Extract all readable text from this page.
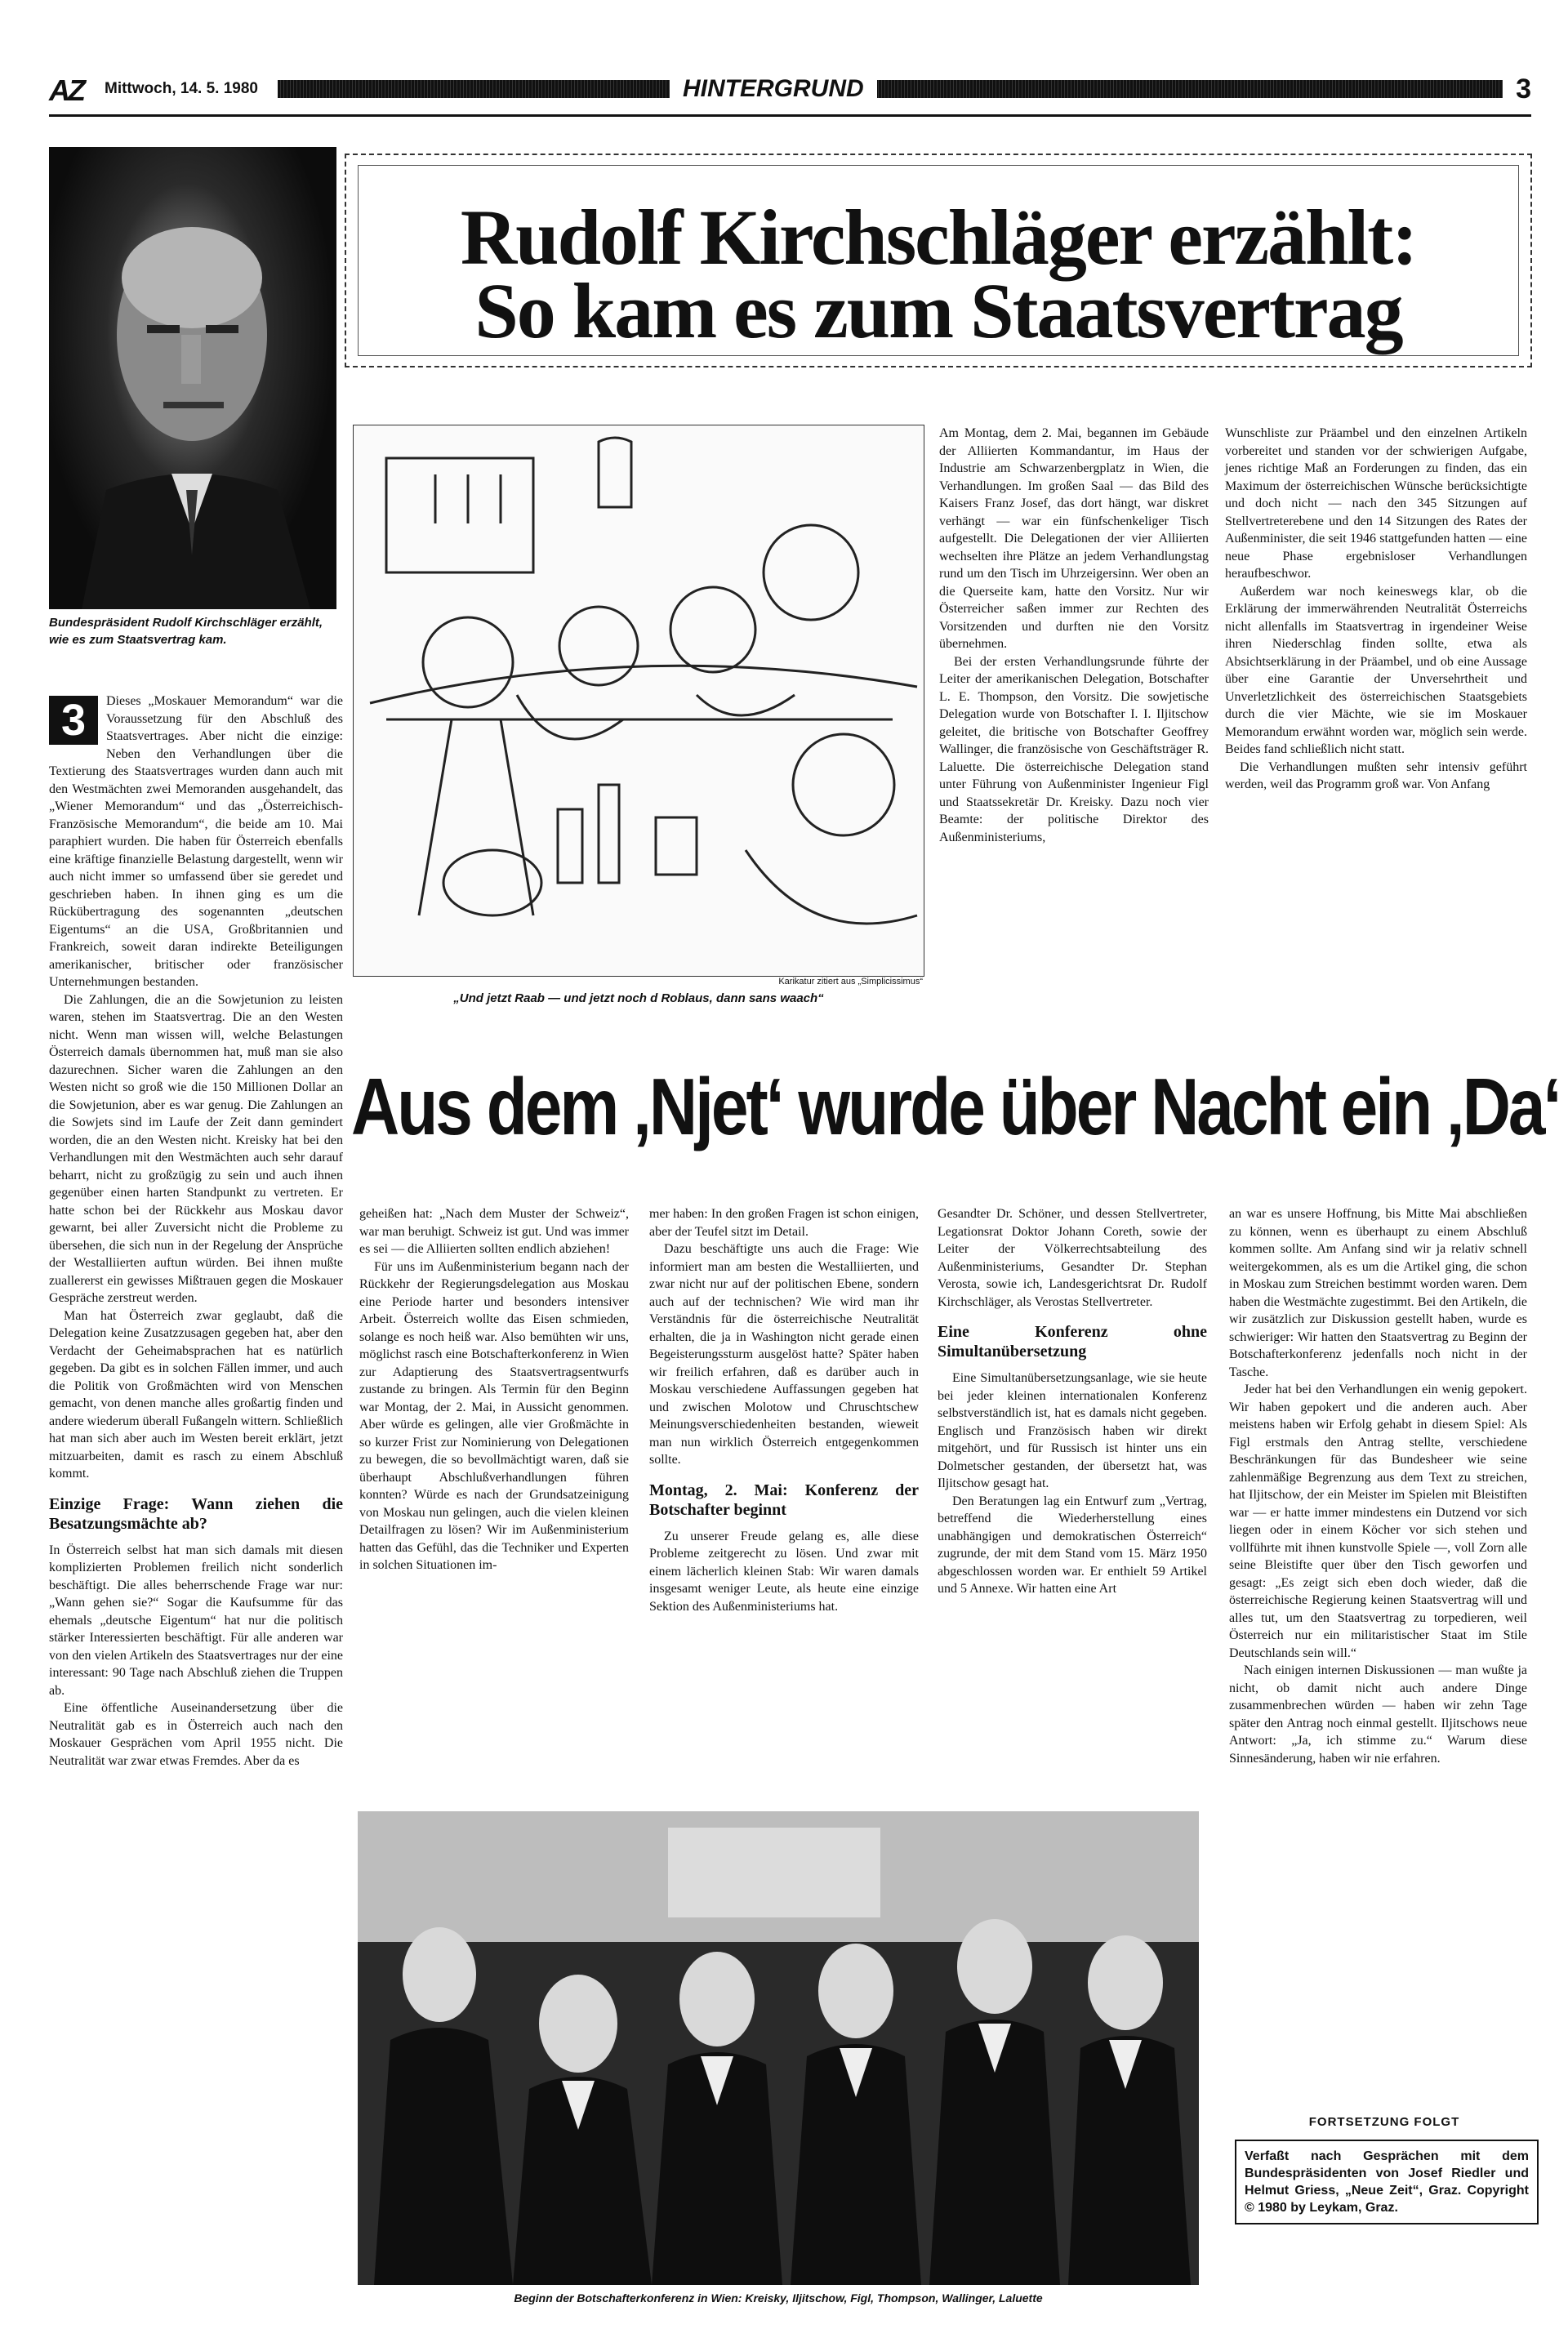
AZ Mittwoch, 14. 5. 1980	HINTERGRUND	3
Bundespräsident Rudolf Kirchschläger erzählt, wie es zum Staatsvertrag kam.
Rudolf Kirchschläger erzählt:
So kam es zum Staatsvertrag
Karikatur zitiert aus „Simplicissimus“
„Und jetzt Raab — und jetzt noch d Roblaus, dann sans waach“

Am Montag, dem 2. Mai, begannen im Gebäude der Alliierten Kommandantur, im Haus der Industrie am Schwarzenbergplatz in Wien, die Verhandlungen. Im großen Saal — das Bild des Kaisers Franz Josef, das dort hängt, war diskret verhängt — war ein fünfschenkeliger Tisch aufgestellt. Die Delegationen der vier Alliierten wechselten ihre Plätze an jedem Verhandlungstag rund um den Tisch im Uhrzeigersinn. Wer oben an die Querseite kam, hatte den Vorsitz. Nur wir Österreicher saßen immer zur Rechten des Vorsitzenden und durften nie den Vorsitz übernehmen.

Bei der ersten Verhandlungsrunde führte der Leiter der amerikanischen Delegation, Botschafter L. E. Thompson, den Vorsitz. Die sowjetische Delegation wurde von Botschafter I. I. Iljitschow geleitet, die britische von Botschafter Geoffrey Wallinger, die französische von Geschäftsträger R. Laluette. Die österreichische Delegation stand unter Führung von Außenminister Ingenieur Figl und Staatssekretär Dr. Kreisky. Dazu noch vier Beamte: der politische Direktor des Außenministeriums,

Wunschliste zur Präambel und den einzelnen Artikeln vorbereitet und standen vor der schwierigen Aufgabe, jenes richtige Maß an Forderungen zu finden, das ein Maximum der österreichischen Wünsche berücksichtigte und doch nicht — nach den 345 Sitzungen auf Stellvertreterebene und den 14 Sitzungen des Rates der Außenminister, die seit 1946 stattgefunden hatten — eine neue Phase ergebnisloser Verhandlungen heraufbeschwor.

Außerdem war noch keineswegs klar, ob die Erklärung der immerwährenden Neutralität Österreichs nicht allenfalls im Staatsvertrag in irgendeiner Weise ihren Niederschlag finden sollte, etwa als Absichtserklärung in der Präambel, und ob eine Aussage über eine Garantie der Unversehrtheit und Unverletzlichkeit des österreichischen Staatsgebiets durch die vier Mächte, wie sie im Moskauer Memorandum erwähnt worden war, möglich sein werde. Beides fand schließlich nicht statt.

Die Verhandlungen mußten sehr intensiv geführt werden, weil das Programm groß war. Von Anfang

Aus dem ‚Njet‘ wurde über Nacht ein ‚Da‘
3	Dieses „Moskauer Memorandum“ war die Voraussetzung für den Abschluß des Staatsvertrages. Aber nicht die einzige: Neben den Verhandlungen über die Textierung des Staatsvertrages wurden dann auch mit den Westmächten zwei Memoranden ausgehandelt, das „Wiener Memorandum“ und das „Österreichisch-Französische Memorandum“, die beide am 10. Mai paraphiert wurden. Die haben für Österreich ebenfalls eine kräftige finanzielle Belastung dargestellt, wenn wir auch nicht immer so umfassend über sie geredet und geschrieben haben. In ihnen ging es um die Rückübertragung des sogenannten „deutschen Eigentums“ an die USA, Großbritannien und Frankreich, soweit daran indirekte Beteiligungen amerikanischer, britischer oder französischer Unternehmungen bestanden.

Die Zahlungen, die an die Sowjetunion zu leisten waren, stehen im Staatsvertrag. Die an den Westen nicht. Wenn man wissen will, welche Belastungen Österreich damals übernommen hat, muß man sie also dazurechnen. Sicher waren die Zahlungen an den Westen nicht so groß wie die 150 Millionen Dollar an die Sowjetunion, aber es war genug. Die Zahlungen an die Sowjets sind im Laufe der Zeit dann gemindert worden, die an den Westen nicht. Kreisky hat bei den Verhandlungen mit den Westmächten auch sehr darauf beharrt, nicht zu großzügig zu sein und auch ihnen gegenüber einen harten Standpunkt zu vertreten. Er hatte schon bei der Rückkehr aus Moskau davor gewarnt, bei aller Zuversicht nicht die Probleme zu übersehen, die sich nun in der Regelung der Ansprüche der Westalliierten auftun würden. Bei ihnen mußte zuallererst ein gewisses Mißtrauen gegen die Moskauer Gespräche zerstreut werden.

Man hat Österreich zwar geglaubt, daß die Delegation keine Zusatzzusagen gegeben hat, aber den Verdacht der Geheimabsprachen hat es natürlich gegeben. Da gibt es in solchen Fällen immer, und auch die Politik von Großmächten wird von Menschen gemacht, von denen manche alles großartig finden und andere wiederum überall Fußangeln wittern. Schließlich hat man sich aber auch im Westen bereit erklärt, jetzt mitzuarbeiten, damit es rasch zu einem Abschluß kommt.

Einzige Frage: Wann ziehen die Besatzungsmächte ab?

In Österreich selbst hat man sich damals mit diesen komplizierten Problemen freilich nicht sonderlich beschäftigt. Die alles beherrschende Frage war nur: „Wann gehen sie?“ Sogar die Kaufsumme für das ehemals „deutsche Eigentum“ hat nur die politisch stärker Interessierten beschäftigt. Für alle anderen war von den vielen Artikeln des Staatsvertrages nur der eine interessant: 90 Tage nach Abschluß ziehen die Truppen ab.

Eine öffentliche Auseinandersetzung über die Neutralität gab es in Österreich auch nach den Moskauer Gesprächen vom April 1955 nicht. Die Neutralität war zwar etwas Fremdes. Aber da es

geheißen hat: „Nach dem Muster der Schweiz“, war man beruhigt. Schweiz ist gut. Und was immer es sei — die Alliierten sollten endlich abziehen!

Für uns im Außenministerium begann nach der Rückkehr der Regierungsdelegation aus Moskau eine Periode harter und besonders intensiver Arbeit. Österreich wollte das Eisen schmieden, solange es noch heiß war. Also bemühten wir uns, möglichst rasch eine Botschafterkonferenz in Wien zur Adaptierung des Staatsvertragsentwurfs zustande zu bringen. Als Termin für den Beginn war Montag, der 2. Mai, in Aussicht genommen. Aber würde es gelingen, alle vier Großmächte in so kurzer Frist zur Nominierung von Delegationen zu bewegen, die so bevollmächtigt waren, daß sie überhaupt Abschlußverhandlungen führen konnten? Würde es nach der Grundsatzeinigung von Moskau nun gelingen, auch die vielen kleinen Detailfragen zu lösen? Wir im Außenministerium hatten das Gefühl, das die Techniker und Experten in solchen Situationen im-

mer haben: In den großen Fragen ist schon einigen, aber der Teufel sitzt im Detail.

Dazu beschäftigte uns auch die Frage: Wie informiert man am besten die Westalliierten, und zwar nicht nur auf der politischen Ebene, sondern auch auf der technischen? Wie wird man ihr Verständnis für die österreichische Neutralität erhalten, die ja in Washington nicht gerade einen Begeisterungssturm ausgelöst hatte? Später haben wir freilich erfahren, daß es darüber auch in Moskau verschiedene Auffassungen gegeben hat und zwischen Molotow und Chruschtschew Meinungsverschiedenheiten bestanden, wieweit man nun wirklich Österreich entgegenkommen sollte.

Montag, 2. Mai: Konferenz der Botschafter beginnt

Zu unserer Freude gelang es, alle diese Probleme zeitgerecht zu lösen. Und zwar mit einem lächerlich kleinen Stab: Wir waren damals insgesamt weniger Leute, als heute eine einzige Sektion des Außenministeriums hat.

Gesandter Dr. Schöner, und dessen Stellvertreter, Legationsrat Doktor Johann Coreth, sowie der Leiter der Völkerrechtsabteilung des Außenministeriums, Gesandter Dr. Stephan Verosta, sowie ich, Landesgerichtsrat Dr. Rudolf Kirchschläger, als Verostas Stellvertreter.

Eine Konferenz ohne Simultanübersetzung

Eine Simultanübersetzungsanlage, wie sie heute bei jeder kleinen internationalen Konferenz selbstverständlich ist, hat es damals nicht gegeben. Englisch und Französisch haben wir direkt mitgehört, und für Russisch ist hinter uns ein Dolmetscher gestanden, der übersetzt hat, was Iljitschow gesagt hat.

Den Beratungen lag ein Entwurf zum „Vertrag, betreffend die Wiederherstellung eines unabhängigen und demokratischen Österreich“ zugrunde, der mit dem Stand vom 15. März 1950 abgeschlossen worden war. Er enthielt 59 Artikel und 5 Annexe. Wir hatten eine Art

an war es unsere Hoffnung, bis Mitte Mai abschließen zu können, wenn es überhaupt zu einem Abschluß kommen sollte. Am Anfang sind wir ja relativ schnell weitergekommen, als es um die Artikel ging, die schon in Moskau zum Streichen bestimmt worden waren. Dem haben die Westmächte zugestimmt. Bei den Artikeln, die wir zusätzlich zur Diskussion gestellt haben, wurde es schwieriger: Wir hatten den Staatsvertrag zu Beginn der Botschafterkonferenz jedenfalls noch nicht in der Tasche.

Jeder hat bei den Verhandlungen ein wenig gepokert. Wir haben gepokert und die anderen auch. Aber meistens haben wir Erfolg gehabt in diesem Spiel: Als Figl erstmals den Antrag stellte, verschiedene Beschränkungen für das Bundesheer wie seine zahlenmäßige Begrenzung aus dem Text zu streichen, hat Iljitschow, der ein Meister im Spielen mit Bleistiften war — er hatte immer mindestens ein Dutzend vor sich liegen oder in einem Köcher vor sich stehen und vollführte mit ihnen kunstvolle Spiele —, voll Zorn alle seine Bleistifte quer über den Tisch geworfen und gesagt: „Es zeigt sich eben doch wieder, daß die österreichische Regierung keinen Staatsvertrag will und alles tut, um den Staatsvertrag zu torpedieren, weil Österreich nur ein militaristischer Staat im Stile Deutschlands sein will.“

Nach einigen internen Diskussionen — man wußte ja nicht, ob damit nicht auch andere Dinge zusammenbrechen würden — haben wir zehn Tage später den Antrag noch einmal gestellt. Iljitschows neue Antwort: „Ja, ich stimme zu.“ Warum diese Sinnesänderung, haben wir nie erfahren.

Beginn der Botschafterkonferenz in Wien: Kreisky, Iljitschow, Figl, Thompson, Wallinger, Laluette
FORTSETZUNG FOLGT
Verfaßt nach Gesprächen mit dem Bundespräsidenten von Josef Riedler und Helmut Griess, „Neue Zeit“, Graz. Copyright © 1980 by Leykam, Graz.
